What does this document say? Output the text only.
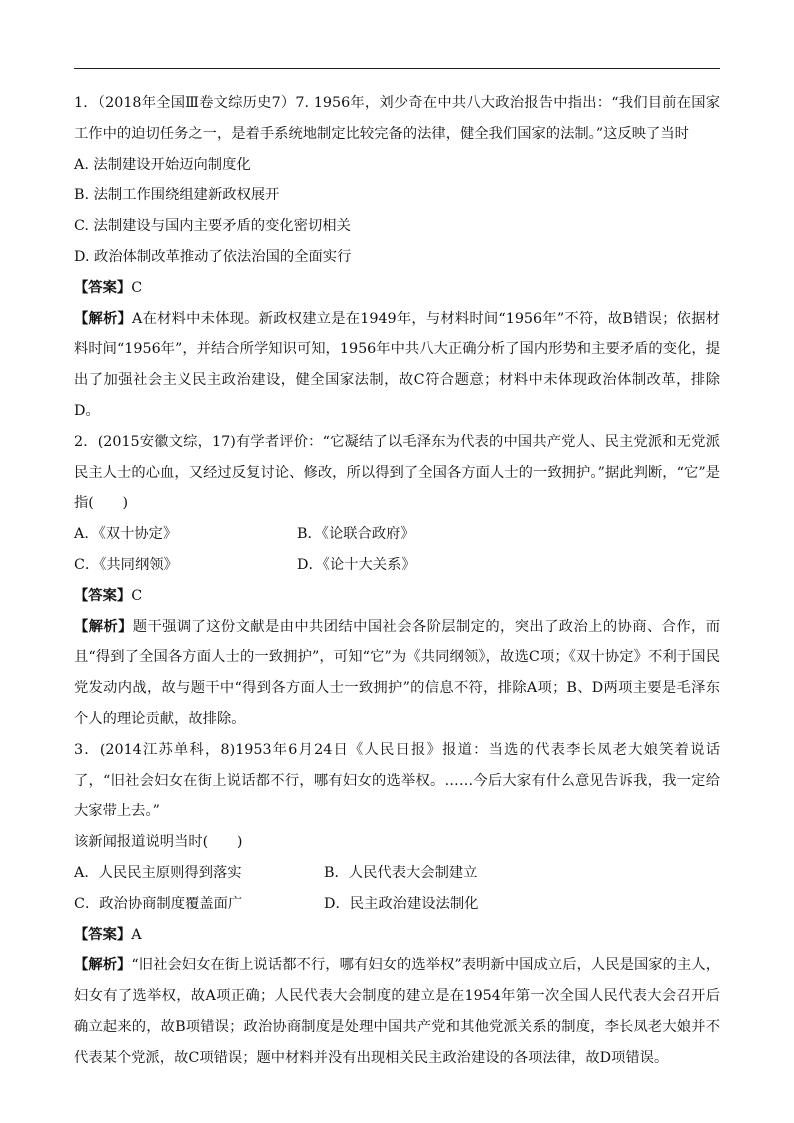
1．（2018年全国Ⅲ卷文综历史7）7. 1956年，刘少奇在中共八大政治报告中指出：“我们目前在国家工作中的迫切任务之一，是着手系统地制定比较完备的法律，健全我们国家的法制。”这反映了当时

A. 法制建设开始迈向制度化

B. 法制工作围绕组建新政权展开

C. 法制建设与国内主要矛盾的变化密切相关

D. 政治体制改革推动了依法治国的全面实行

【答案】C

【解析】A在材料中未体现。新政权建立是在1949年，与材料时间“1956年”不符，故B错误；依据材料时间“1956年”，并结合所学知识可知，1956年中共八大正确分析了国内形势和主要矛盾的变化，提出了加强社会主义民主政治建设，健全国家法制，故C符合题意；材料中未体现政治体制改革，排除D。

2．(2015安徽文综，17)有学者评价：“它凝结了以毛泽东为代表的中国共产党人、民主党派和无党派民主人士的心血，又经过反复讨论、修改，所以得到了全国各方面人士的一致拥护。”据此判断，“它”是指(　　)

A．《双十协定》	B．《论联合政府》
C．《共同纲领》	D．《论十大关系》

【答案】C

【解析】题干强调了这份文献是由中共团结中国社会各阶层制定的，突出了政治上的协商、合作，而且“得到了全国各方面人士的一致拥护”，可知“它”为《共同纲领》，故选C项；《双十协定》不利于国民党发动内战，故与题干中“得到各方面人士一致拥护”的信息不符，排除A项；B、D两项主要是毛泽东个人的理论贡献，故排除。

3．(2014江苏单科，8)1953年6月24日《人民日报》报道：当选的代表李长凤老大娘笑着说话了，“旧社会妇女在街上说话都不行，哪有妇女的选举权。……今后大家有什么意见告诉我，我一定给大家带上去。”

该新闻报道说明当时(　　)

A．人民民主原则得到落实	B．人民代表大会制建立
C．政治协商制度覆盖面广	D．民主政治建设法制化

【答案】A

【解析】“旧社会妇女在街上说话都不行，哪有妇女的选举权”表明新中国成立后，人民是国家的主人，妇女有了选举权，故A项正确；人民代表大会制度的建立是在1954年第一次全国人民代表大会召开后确立起来的，故B项错误；政治协商制度是处理中国共产党和其他党派关系的制度，李长凤老大娘并不代表某个党派，故C项错误；题中材料并没有出现相关民主政治建设的各项法律，故D项错误。
